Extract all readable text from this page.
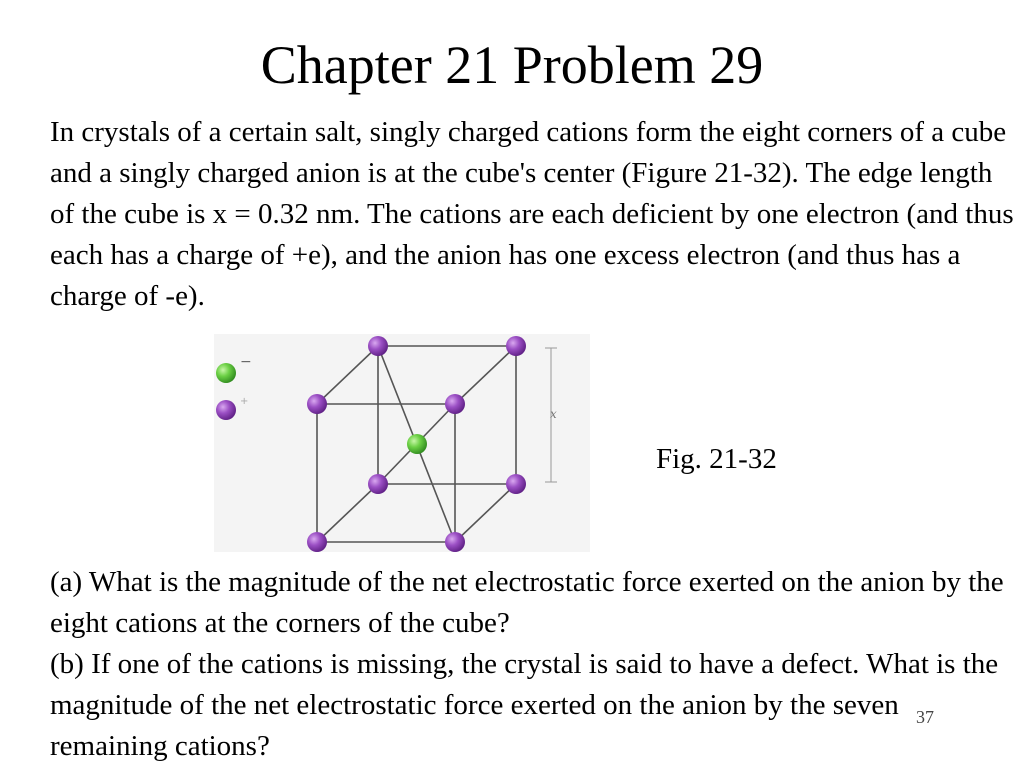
Chapter 21 Problem 29

In crystals of a certain salt, singly charged cations form the eight corners of a cube and a singly charged anion is at the cube's center (Figure 21-32). The edge length of the cube is x = 0.32 nm. The cations are each deficient by one electron (and thus each has a charge of +e), and the anion has one excess electron (and thus has a charge of -e).

−
+
x
Fig. 21-32

(a) What is the magnitude of the net electrostatic force exerted on the anion by the eight cations at the corners of the cube?

(b) If one of the cations is missing, the crystal is said to have a defect. What is the magnitude of the net electrostatic force exerted on the anion by the seven remaining cations?

37
